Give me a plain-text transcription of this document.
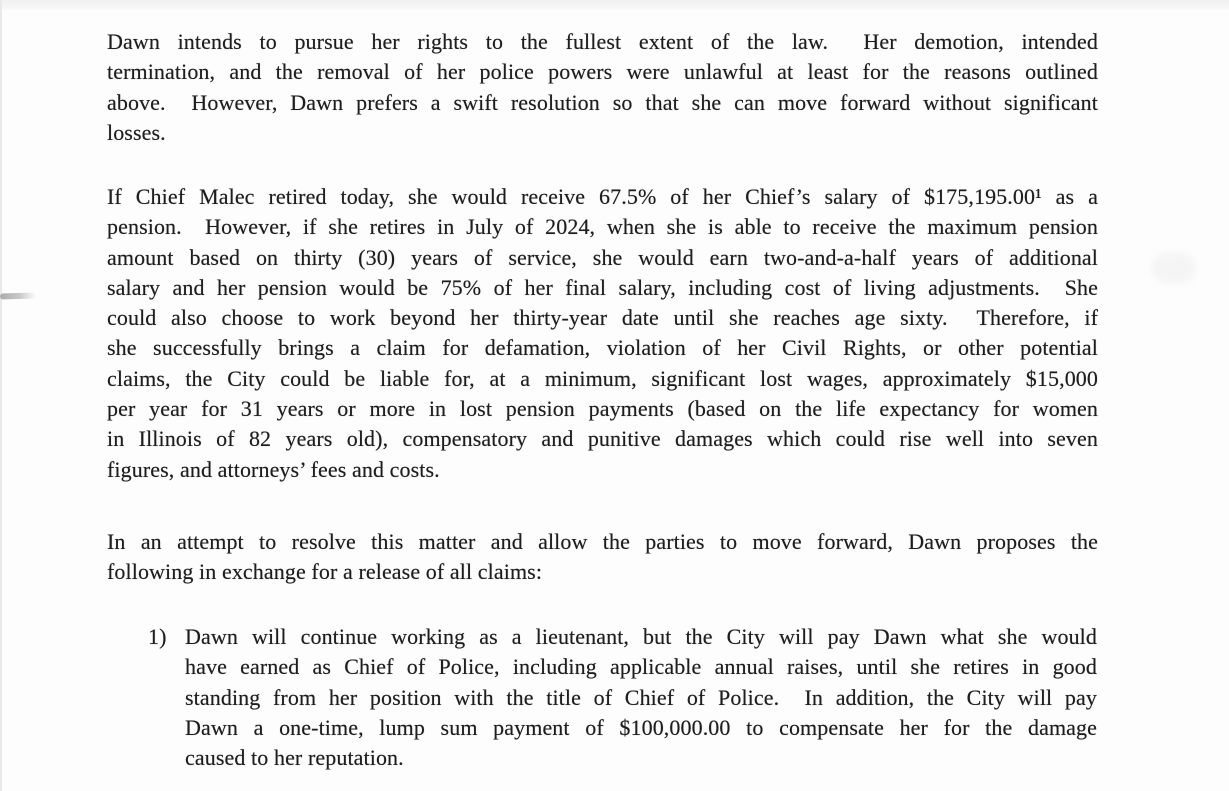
Dawn intends to pursue her rights to the fullest extent of the law.  Her demotion, intended
termination, and the removal of her police powers were unlawful at least for the reasons outlined
above.  However, Dawn prefers a swift resolution so that she can move forward without significant
losses.
If Chief Malec retired today, she would receive 67.5% of her Chief’s salary of $175,195.00¹ as a
pension.  However, if she retires in July of 2024, when she is able to receive the maximum pension
amount based on thirty (30) years of service, she would earn two-and-a-half years of additional
salary and her pension would be 75% of her final salary, including cost of living adjustments.  She
could also choose to work beyond her thirty-year date until she reaches age sixty.  Therefore, if
she successfully brings a claim for defamation, violation of her Civil Rights, or other potential
claims, the City could be liable for, at a minimum, significant lost wages, approximately $15,000
per year for 31 years or more in lost pension payments (based on the life expectancy for women
in Illinois of 82 years old), compensatory and punitive damages which could rise well into seven
figures, and attorneys’ fees and costs.
In an attempt to resolve this matter and allow the parties to move forward, Dawn proposes the
following in exchange for a release of all claims:
1) Dawn will continue working as a lieutenant, but the City will pay Dawn what she would
have earned as Chief of Police, including applicable annual raises, until she retires in good
standing from her position with the title of Chief of Police.  In addition, the City will pay
Dawn a one-time, lump sum payment of $100,000.00 to compensate her for the damage
caused to her reputation.
